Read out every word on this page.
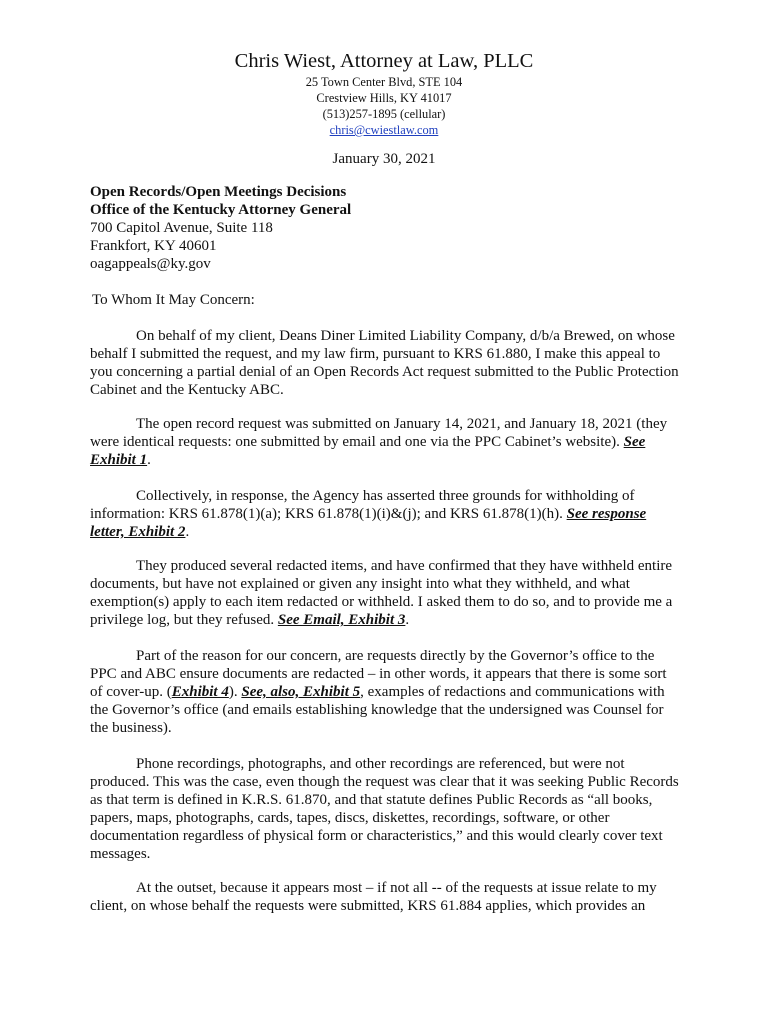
Chris Wiest, Attorney at Law, PLLC
25 Town Center Blvd, STE 104
Crestview Hills, KY 41017
(513)257-1895 (cellular)
chris@cwiestlaw.com
January 30, 2021
Open Records/Open Meetings Decisions
Office of the Kentucky Attorney General
700 Capitol Avenue, Suite 118
Frankfort, KY 40601
oagappeals@ky.gov
To Whom It May Concern:

On behalf of my client, Deans Diner Limited Liability Company, d/b/a Brewed, on whose behalf I submitted the request, and my law firm, pursuant to KRS 61.880, I make this appeal to you concerning a partial denial of an Open Records Act request submitted to the Public Protection Cabinet and the Kentucky ABC.

The open record request was submitted on January 14, 2021, and January 18, 2021 (they were identical requests: one submitted by email and one via the PPC Cabinet’s website). See Exhibit 1.

Collectively, in response, the Agency has asserted three grounds for withholding of information: KRS 61.878(1)(a); KRS 61.878(1)(i)&(j); and KRS 61.878(1)(h). See response letter, Exhibit 2.

They produced several redacted items, and have confirmed that they have withheld entire documents, but have not explained or given any insight into what they withheld, and what exemption(s) apply to each item redacted or withheld. I asked them to do so, and to provide me a privilege log, but they refused. See Email, Exhibit 3.

Part of the reason for our concern, are requests directly by the Governor’s office to the PPC and ABC ensure documents are redacted – in other words, it appears that there is some sort of cover-up. (Exhibit 4). See, also, Exhibit 5, examples of redactions and communications with the Governor’s office (and emails establishing knowledge that the undersigned was Counsel for the business).

Phone recordings, photographs, and other recordings are referenced, but were not produced. This was the case, even though the request was clear that it was seeking Public Records as that term is defined in K.R.S. 61.870, and that statute defines Public Records as “all books, papers, maps, photographs, cards, tapes, discs, diskettes, recordings, software, or other documentation regardless of physical form or characteristics,” and this would clearly cover text messages.

At the outset, because it appears most – if not all -- of the requests at issue relate to my client, on whose behalf the requests were submitted, KRS 61.884 applies, which provides an
